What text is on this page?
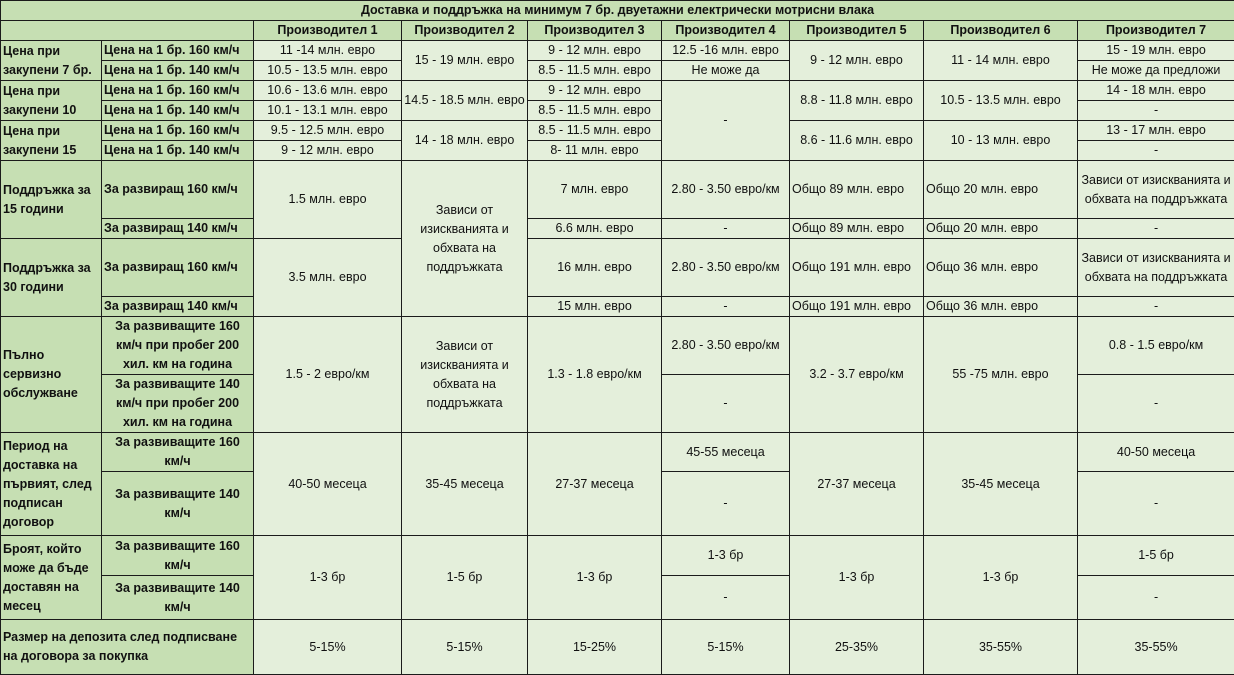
Доставка и поддръжка на минимум 7 бр. двуетажни електрически мотрисни влака								
		Производител 1	Производител 2	Производител 3	Производител 4	Производител 5	Производител 6	Производител 7
Цена при закупени 7 бр.	Цена на 1 бр. 160 км/ч	11 -14 млн. евро	15 - 19 млн. евро	9 - 12 млн. евро	12.5 -16 млн. евро	9 - 12 млн. евро	11 - 14 млн. евро	15 - 19 млн. евро
	Цена на 1 бр. 140 км/ч	10.5 - 13.5 млн. евро		8.5 - 11.5 млн. евро	Не може да			Не може да предложи
Цена при закупени 10	Цена на 1 бр. 160 км/ч	10.6 - 13.6 млн. евро	14.5 - 18.5 млн. евро	9 - 12 млн. евро	-	8.8 - 11.8 млн. евро	10.5 - 13.5 млн. евро	14 - 18 млн. евро
	Цена на 1 бр. 140 км/ч	10.1 - 13.1 млн. евро		8.5 - 11.5 млн. евро				-
Цена при закупени 15	Цена на 1 бр. 160 км/ч	9.5 - 12.5 млн. евро	14 - 18 млн. евро	8.5 - 11.5 млн. евро		8.6 - 11.6 млн. евро	10 - 13 млн. евро	13 - 17 млн. евро
	Цена на 1 бр. 140 км/ч	9 - 12 млн. евро		8- 11 млн. евро				-
Поддръжка за 15 години	За развиращ 160 км/ч	1.5 млн. евро	Зависи от изискванията и обхвата на поддръжката	7 млн. евро	2.80 - 3.50 евро/км	Общо 89 млн. евро	Общо 20 млн. евро	Зависи от изискванията и обхвата на поддръжката
	За развиращ 140 км/ч			6.6 млн. евро	-	Общо 89 млн. евро	Общо 20 млн. евро	-
Поддръжка за 30 години	За развиращ 160 км/ч	3.5 млн. евро		16 млн. евро	2.80 - 3.50 евро/км	Общо 191 млн. евро	Общо 36 млн. евро	Зависи от изискванията и обхвата на поддръжката
	За развиращ 140 км/ч			15 млн. евро	-	Общо 191 млн. евро	Общо 36 млн. евро	-
Пълно сервизно обслужване	За развиващите 160 км/ч при пробег 200 хил. км на година	1.5 - 2 евро/км	Зависи от изискванията и обхвата на поддръжката	1.3 - 1.8 евро/км	2.80 - 3.50 евро/км	3.2 - 3.7 евро/км	55 -75 млн. евро	0.8 - 1.5 евро/км
	За развиващите 140 км/ч при пробег 200 хил. км на година				-			-
Период на доставка на първият, след подписан договор	За развиващите 160 км/ч	40-50 месеца	35-45 месеца	27-37 месеца	45-55 месеца	27-37 месеца	35-45 месеца	40-50 месеца
	За развиващите 140 км/ч				-			-
Броят, който може да бъде доставян на месец	За развиващите 160 км/ч	1-3 бр	1-5 бр	1-3 бр	1-3 бр	1-3 бр	1-3 бр	1-5 бр
	За развиващите 140 км/ч				-			-
Размер на депозита след подписване на договора за покупка		5-15%	5-15%	15-25%	5-15%	25-35%	35-55%	35-55%
